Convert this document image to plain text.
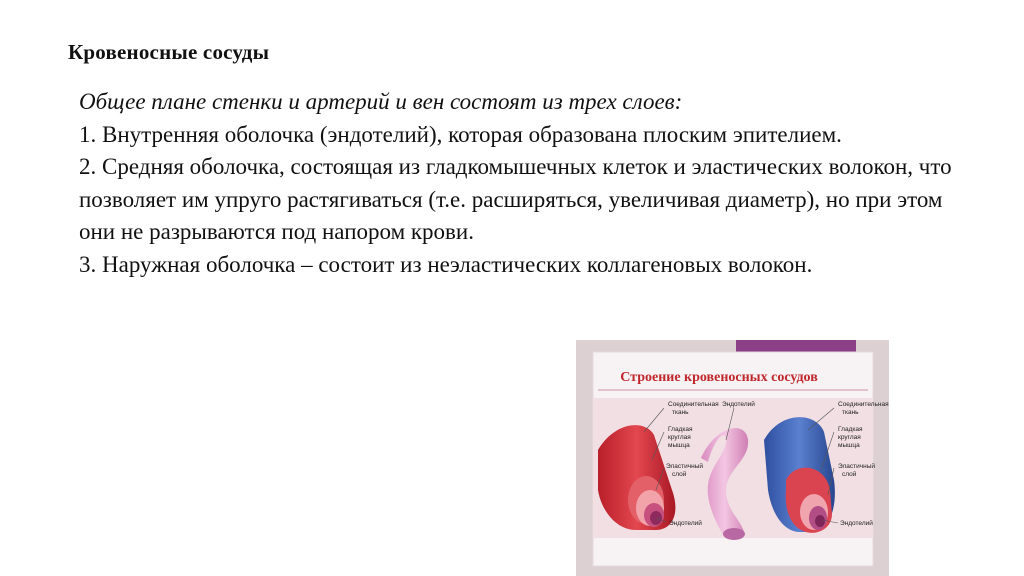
Кровеносные сосуды

Общее плане стенки и артерий и вен состоят из трех слоев:

1. Внутренняя оболочка (эндотелий), которая образована плоским эпителием.

2. Средняя оболочка, состоящая из гладкомышечных клеток и эластических волокон, что позволяет им упруго растягиваться (т.е. расширяться, увеличивая диаметр), но при этом они не разрываются под напором крови.

3. Наружная оболочка – состоит из неэластических коллагеновых волокон.

Строение кровеносных сосудов
Соединительная ткань
Гладкая круглая мышца
Эластичный слой
Эндотелий
Эндотелий	Соединительная ткань
Гладкая круглая мышца
Эластичный слой
Эндотелий
